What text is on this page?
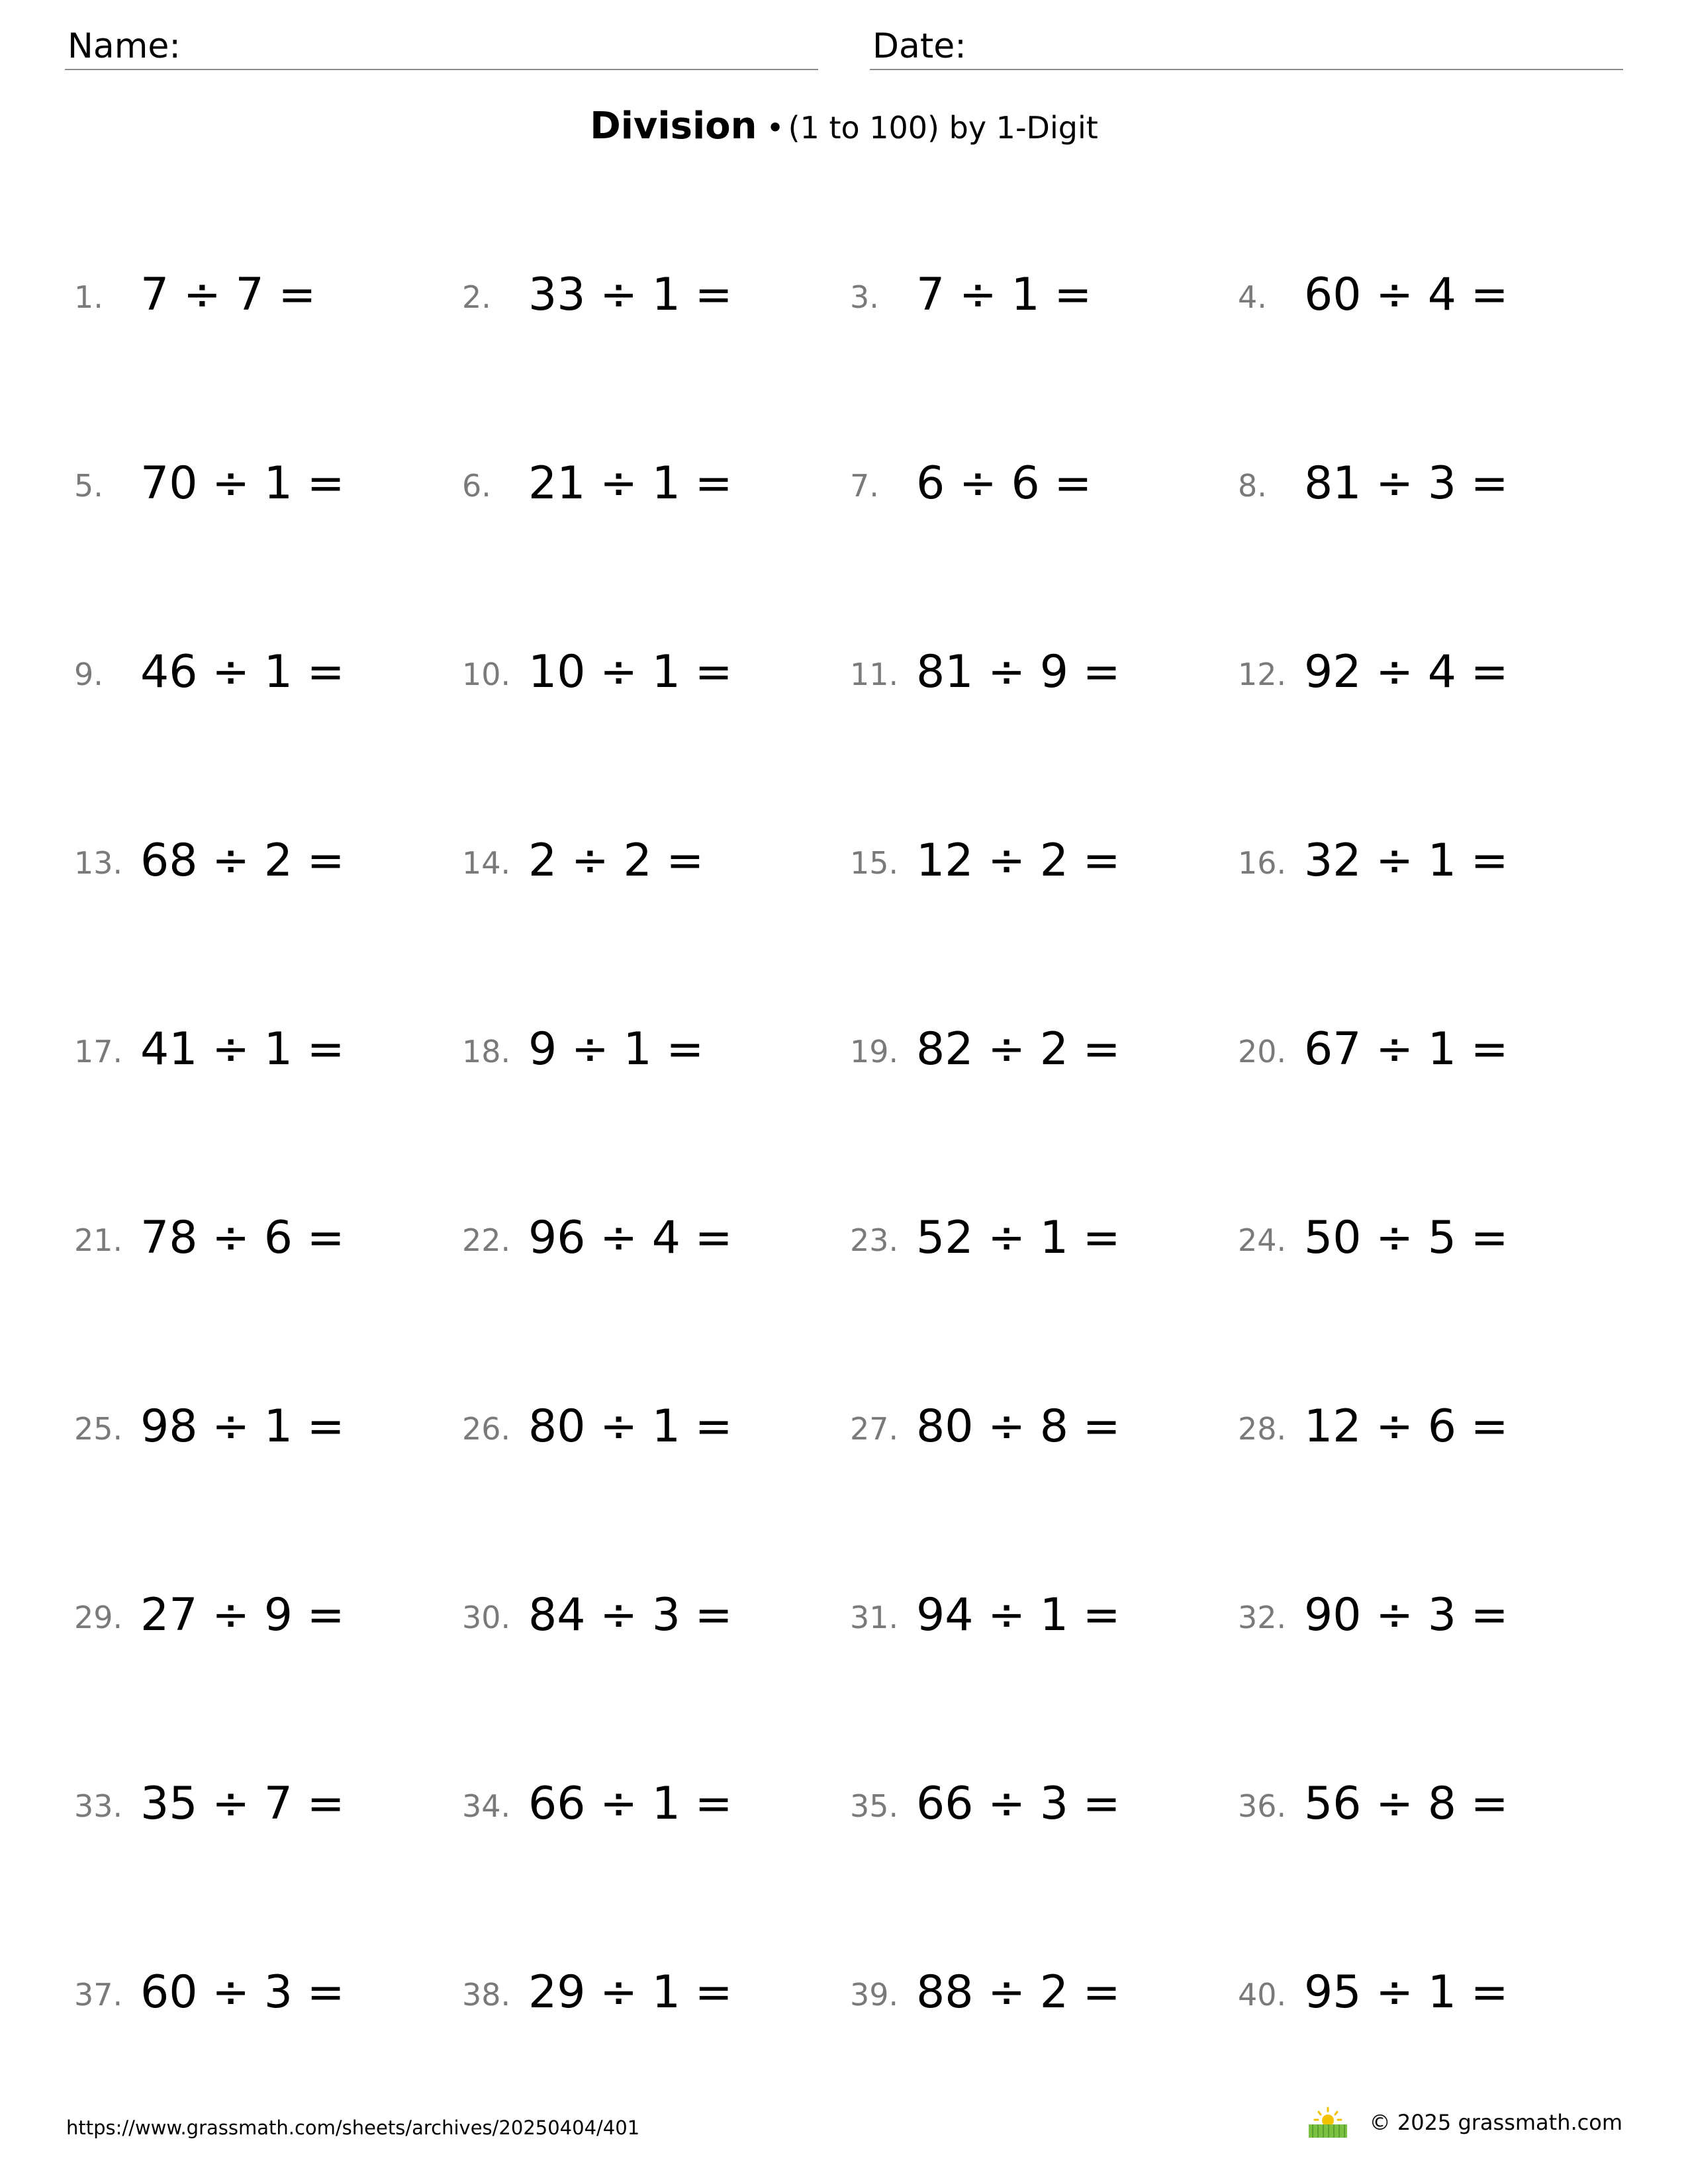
Name:	Date:
Division • (1 to 100) by 1-Digit
1. 7 ÷ 7 =	2. 33 ÷ 1 =	3. 7 ÷ 1 =	4. 60 ÷ 4 =
5. 70 ÷ 1 =	6. 21 ÷ 1 =	7. 6 ÷ 6 =	8. 81 ÷ 3 =
9. 46 ÷ 1 =	10. 10 ÷ 1 =	11. 81 ÷ 9 =	12. 92 ÷ 4 =
13. 68 ÷ 2 =	14. 2 ÷ 2 =	15. 12 ÷ 2 =	16. 32 ÷ 1 =
17. 41 ÷ 1 =	18. 9 ÷ 1 =	19. 82 ÷ 2 =	20. 67 ÷ 1 =
21. 78 ÷ 6 =	22. 96 ÷ 4 =	23. 52 ÷ 1 =	24. 50 ÷ 5 =
25. 98 ÷ 1 =	26. 80 ÷ 1 =	27. 80 ÷ 8 =	28. 12 ÷ 6 =
29. 27 ÷ 9 =	30. 84 ÷ 3 =	31. 94 ÷ 1 =	32. 90 ÷ 3 =
33. 35 ÷ 7 =	34. 66 ÷ 1 =	35. 66 ÷ 3 =	36. 56 ÷ 8 =
37. 60 ÷ 3 =	38. 29 ÷ 1 =	39. 88 ÷ 2 =	40. 95 ÷ 1 =
https://www.grassmath.com/sheets/archives/20250404/401	© 2025 grassmath.com
